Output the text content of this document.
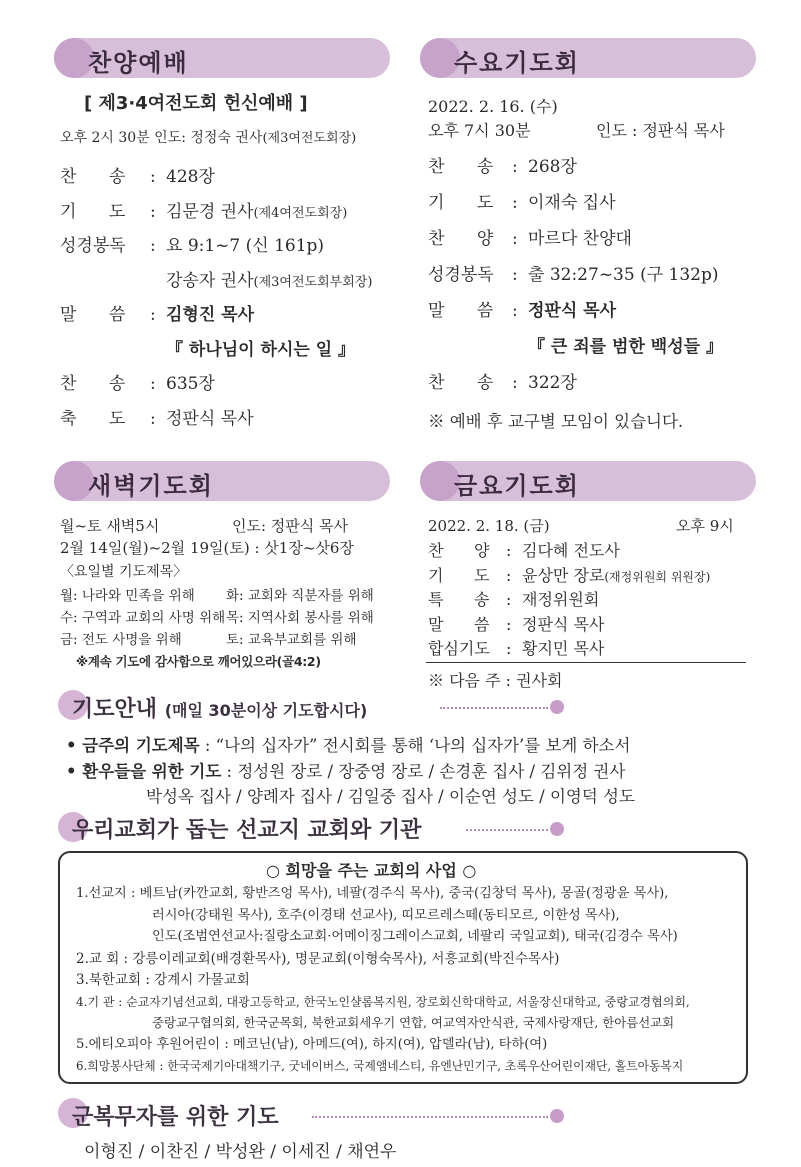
찬양예배
[ 제3·4여전도회 헌신예배 ]
오후 2시 30분 인도: 정정숙 권사(제3여전도회장)
찬      송 :428장
기      도 :김문경 권사(제4여전도회장)
성경봉독 :요 9:1~7 (신 161p)
강송자 권사(제3여전도회부회장)
말      씀 :김형진 목사
『 하나님이 하시는 일 』
찬      송 :635장
축      도 :정판식 목사
수요기도회
2022. 2. 16. (수)
오후 7시 30분	인도 : 정판식 목사
찬      송 :268장
기      도 :이재숙 집사
찬      양 :마르다 찬양대
성경봉독 :출 32:27~35 (구 132p)
말      씀 :정판식 목사
『 큰 죄를 범한 백성들 』
찬      송 :322장
※ 예배 후 교구별 모임이 있습니다.
새벽기도회
월~토 새벽5시	인도: 정판식 목사
2월 14일(월)~2월 19일(토) : 삿1장~삿6장
〈요일별 기도제목〉
월: 나라와 민족을 위해 화: 교회와 직분자를 위해
수: 구역과 교회의 사명 위해 목: 지역사회 봉사를 위해
금: 전도 사명을 위해	토: 교육부교회를 위해
※계속 기도에 감사함으로 깨어있으라(골4:2)
금요기도회
2022. 2. 18. (금)	오후 9시
찬      양 :김다혜 전도사
기      도 :윤상만 장로(재정위원회 위원장)
특      송 :재정위원회
말      씀 :정판식 목사
합심기도 :황지민 목사
※ 다음 주 : 권사회
기도안내 (매일 30분이상 기도합시다)
• 금주의 기도제목 : “나의 십자가” 전시회를 통해 ‘나의 십자가’를 보게 하소서
• 환우들을 위한 기도 : 정성원 장로 / 장중영 장로 / 손경훈 집사 / 김위정 권사
박성옥 집사 / 양례자 집사 / 김일중 집사 / 이순연 성도 / 이영덕 성도
우리교회가 돕는 선교지 교회와 기관
○ 희망을 주는 교회의 사업 ○
1.선교지 : 베트남(카깐교회, 황반즈엉 목사), 네팔(경주식 목사), 중국(김창덕 목사), 몽골(정광윤 목사),
러시아(강태원 목사), 호주(이경태 선교사), 띠모르레스떼(동티모르, 이한성 목사),
인도(조범연선교사:질랑소교회·어메이징그레이스교회, 네팔리 국일교회), 태국(김경수 목사)
2.교 회 : 강릉이레교회(배경환목사), 명문교회(이형숙목사), 서흥교회(박진수목사)
3.북한교회 : 강계시 가물교회
4.기 관 : 순교자기념선교회, 대광고등학교, 한국노인샬롬복지원, 장로회신학대학교, 서울장신대학교, 중랑교경협의회,
중랑교구협의회, 한국군목회, 북한교회세우기 연합, 여교역자안식관, 국제사랑재단, 한아름선교회
5.에티오피아 후원어린이 : 메코닌(남), 아메드(여), 하지(여), 압델라(남), 타하(여)
6.희망봉사단체 : 한국국제기아대책기구, 굿네이버스, 국제앰네스티, 유엔난민기구, 초록우산어린이재단, 홀트아동복지
군복무자를 위한 기도
이형진 / 이찬진 / 박성완 / 이세진 / 채연우
